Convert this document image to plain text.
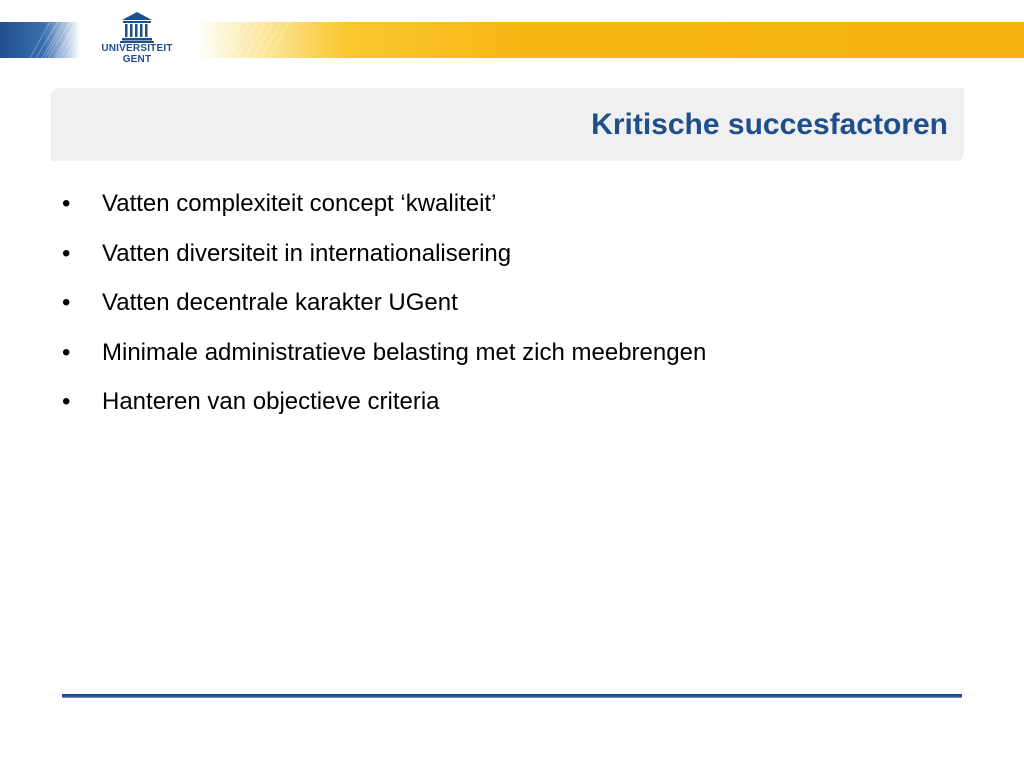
UNIVERSITEIT
GENT
Kritische succesfactoren
• Vatten complexiteit concept ‘kwaliteit’
• Vatten diversiteit in internationalisering
• Vatten decentrale karakter UGent
• Minimale administratieve belasting met zich meebrengen
• Hanteren van objectieve criteria
